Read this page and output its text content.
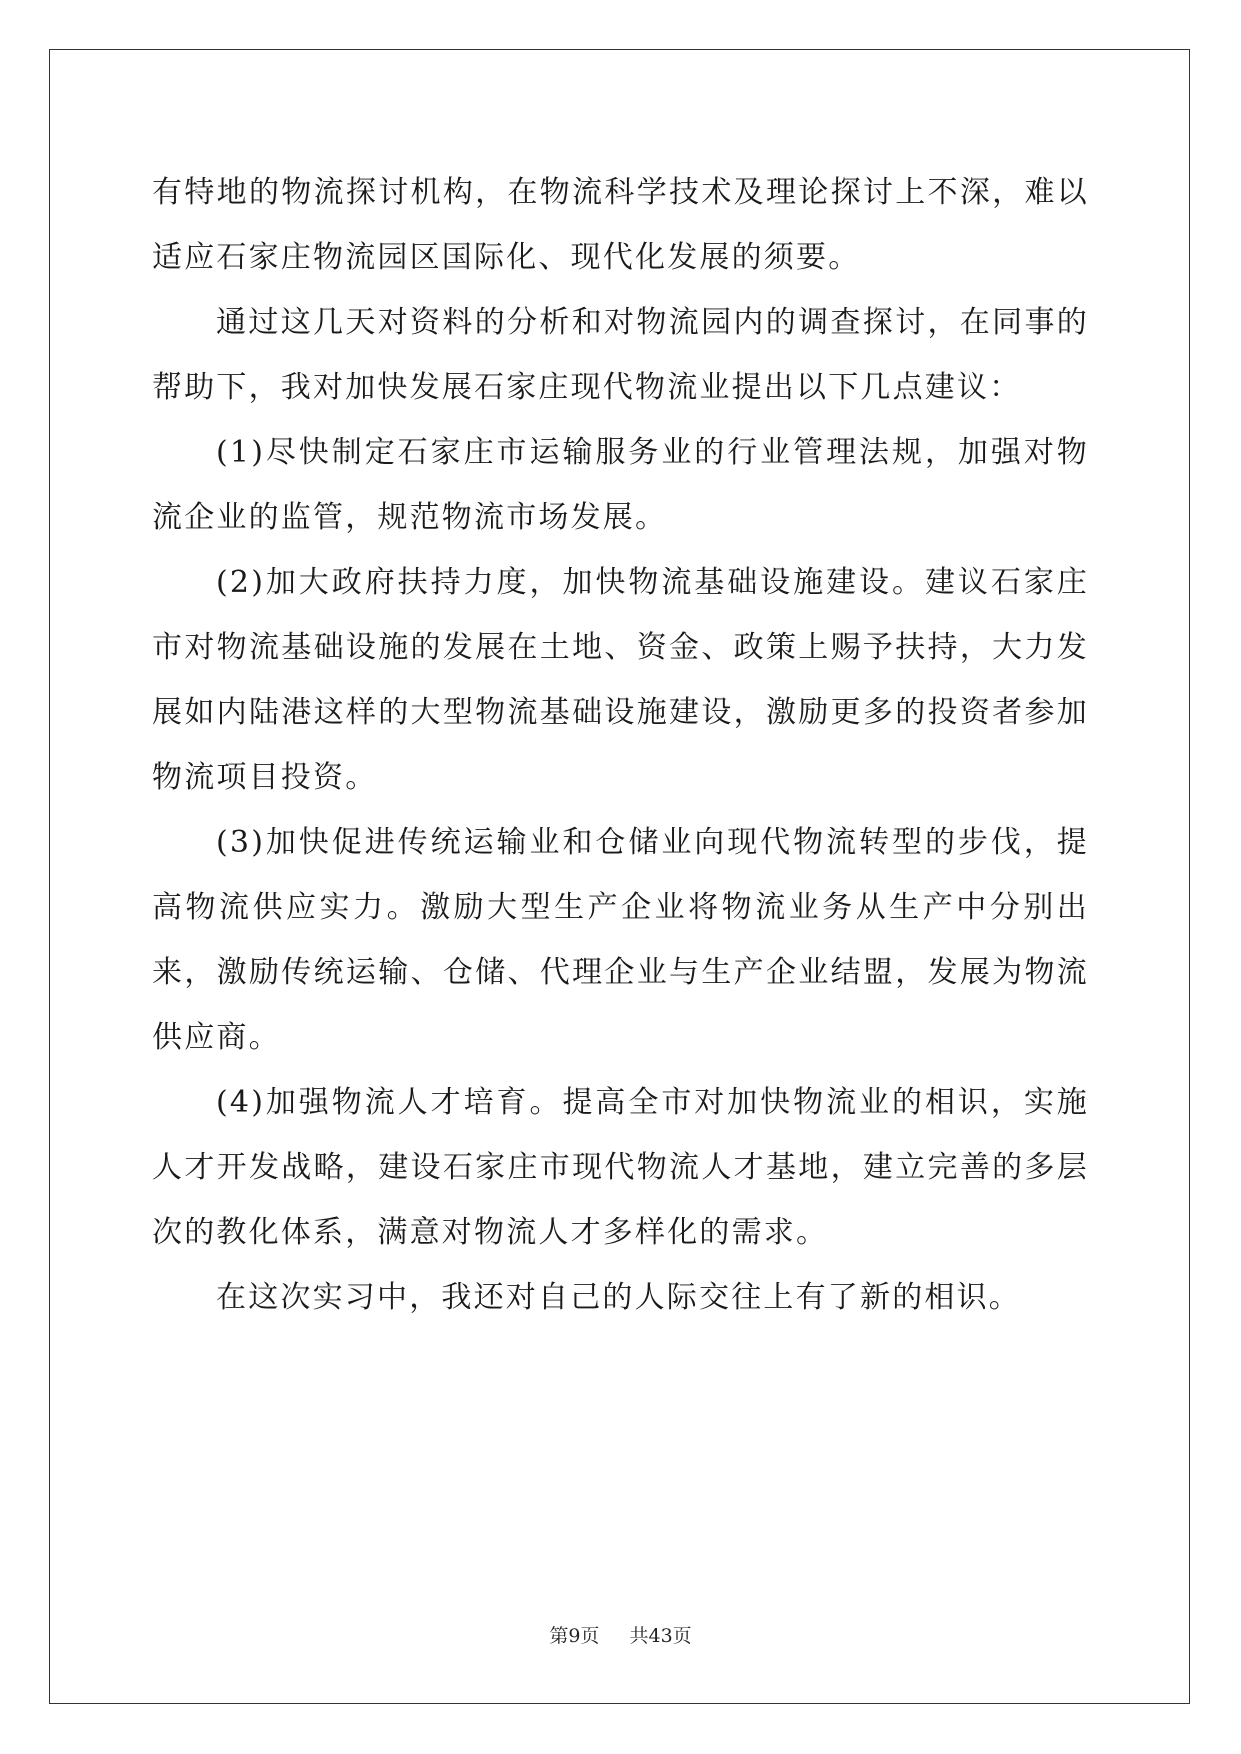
有特地的物流探讨机构，在物流科学技术及理论探讨上不深，难以适应石家庄物流园区国际化、现代化发展的须要。

通过这几天对资料的分析和对物流园内的调查探讨，在同事的帮助下，我对加快发展石家庄现代物流业提出以下几点建议：

(1)尽快制定石家庄市运输服务业的行业管理法规，加强对物流企业的监管，规范物流市场发展。

(2)加大政府扶持力度，加快物流基础设施建设。建议石家庄市对物流基础设施的发展在土地、资金、政策上赐予扶持，大力发展如内陆港这样的大型物流基础设施建设，激励更多的投资者参加物流项目投资。

(3)加快促进传统运输业和仓储业向现代物流转型的步伐，提高物流供应实力。激励大型生产企业将物流业务从生产中分别出来，激励传统运输、仓储、代理企业与生产企业结盟，发展为物流供应商。

(4)加强物流人才培育。提高全市对加快物流业的相识，实施人才开发战略，建设石家庄市现代物流人才基地，建立完善的多层次的教化体系，满意对物流人才多样化的需求。

在这次实习中，我还对自己的人际交往上有了新的相识。

第9页 共43页
